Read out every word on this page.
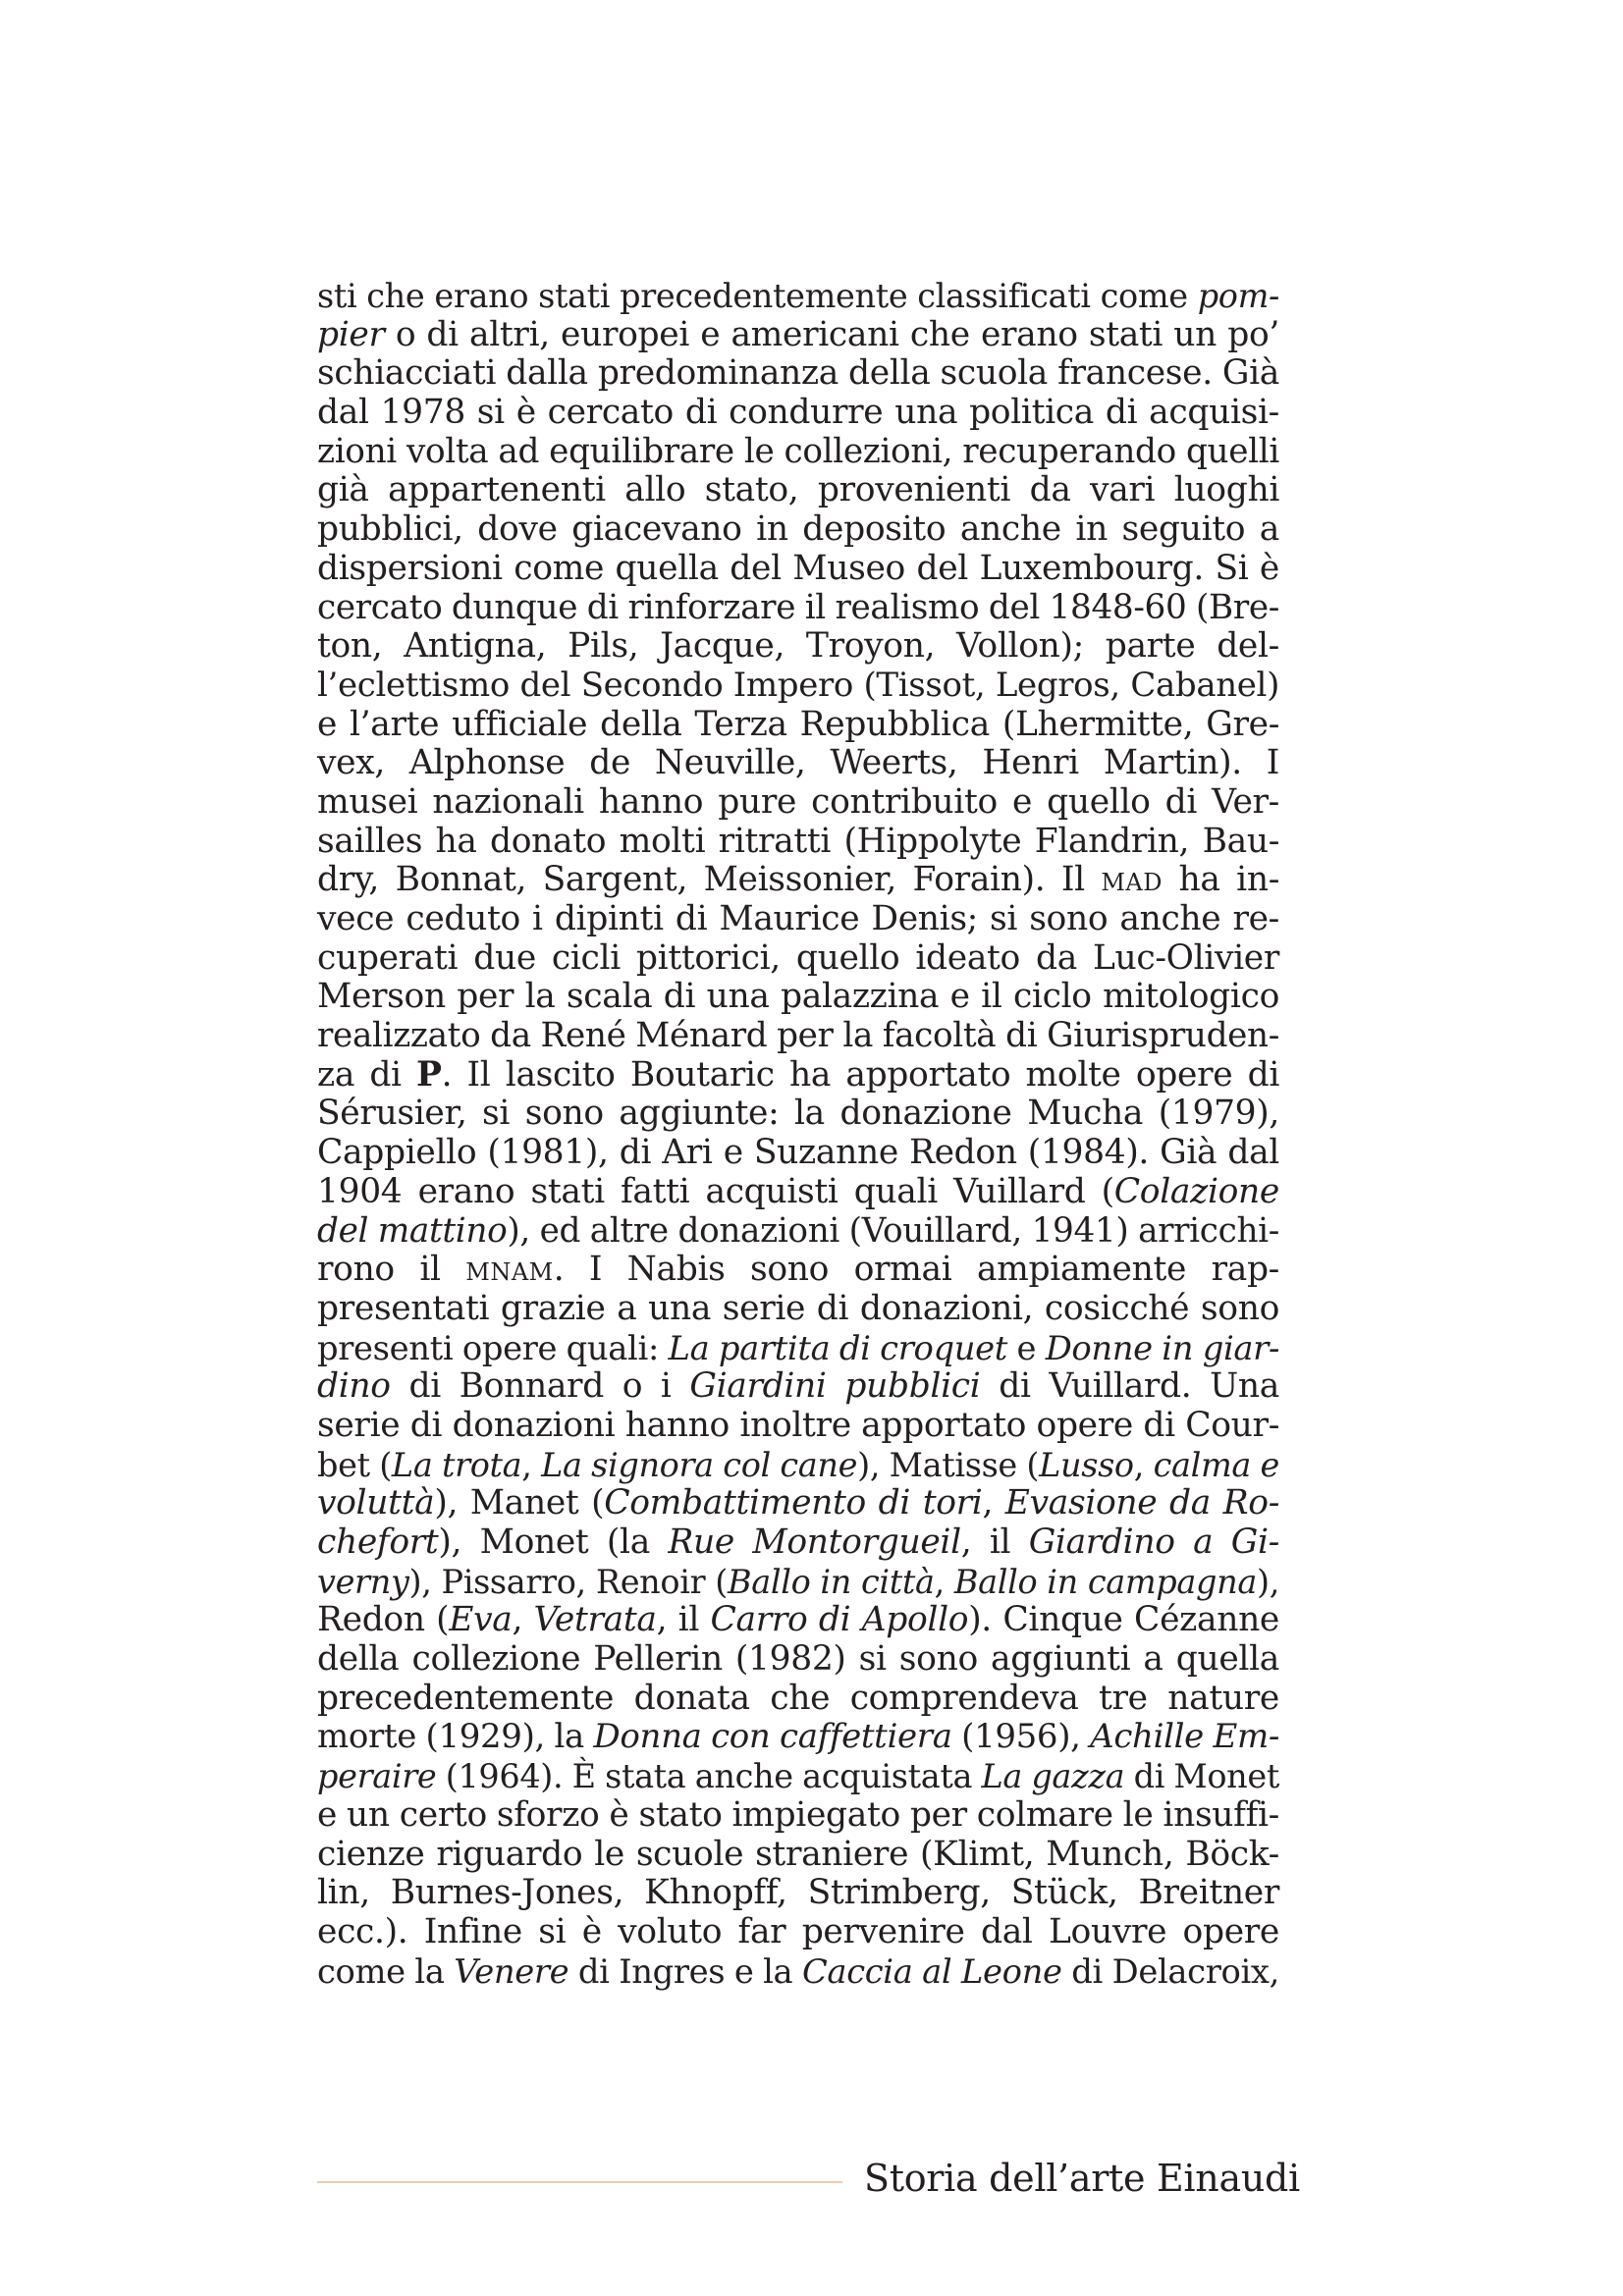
sti che erano stati precedentemente classificati come pom-
pier o di altri, europei e americani che erano stati un po’
schiacciati dalla predominanza della scuola francese. Già
dal 1978 si è cercato di condurre una politica di acquisi-
zioni volta ad equilibrare le collezioni, recuperando quelli
già appartenenti allo stato, provenienti da vari luoghi
pubblici, dove giacevano in deposito anche in seguito a
dispersioni come quella del Museo del Luxembourg. Si è
cercato dunque di rinforzare il realismo del 1848-60 (Bre-
ton, Antigna, Pils, Jacque, Troyon, Vollon); parte del-
l’eclettismo del Secondo Impero (Tissot, Legros, Cabanel)
e l’arte ufficiale della Terza Repubblica (Lhermitte, Gre-
vex, Alphonse de Neuville, Weerts, Henri Martin). I
musei nazionali hanno pure contribuito e quello di Ver-
sailles ha donato molti ritratti (Hippolyte Flandrin, Bau-
dry, Bonnat, Sargent, Meissonier, Forain). Il mad ha in-
vece ceduto i dipinti di Maurice Denis; si sono anche re-
cuperati due cicli pittorici, quello ideato da Luc-Olivier
Merson per la scala di una palazzina e il ciclo mitologico
realizzato da René Ménard per la facoltà di Giurispruden-
za di P. Il lascito Boutaric ha apportato molte opere di
Sérusier, si sono aggiunte: la donazione Mucha (1979),
Cappiello (1981), di Ari e Suzanne Redon (1984). Già dal
1904 erano stati fatti acquisti quali Vuillard (Colazione
del mattino), ed altre donazioni (Vouillard, 1941) arricchi-
rono il mnam. I Nabis sono ormai ampiamente rap-
presentati grazie a una serie di donazioni, cosicché sono
presenti opere quali: La partita di croquet e Donne in giar-
dino di Bonnard o i Giardini pubblici di Vuillard. Una
serie di donazioni hanno inoltre apportato opere di Cour-
bet (La trota, La signora col cane), Matisse (Lusso, calma e
voluttà), Manet (Combattimento di tori, Evasione da Ro-
chefort), Monet (la Rue Montorgueil, il Giardino a Gi-
verny), Pissarro, Renoir (Ballo in città, Ballo in campagna),
Redon (Eva, Vetrata, il Carro di Apollo). Cinque Cézanne
della collezione Pellerin (1982) si sono aggiunti a quella
precedentemente donata che comprendeva tre nature
morte (1929), la Donna con caffettiera (1956), Achille Em-
peraire (1964). È stata anche acquistata La gazza di Monet
e un certo sforzo è stato impiegato per colmare le insuffi-
cienze riguardo le scuole straniere (Klimt, Munch, Böck-
lin, Burnes-Jones, Khnopff, Strimberg, Stück, Breitner
ecc.). Infine si è voluto far pervenire dal Louvre opere
come la Venere di Ingres e la Caccia al Leone di Delacroix,
Storia dell’arte Einaudi
